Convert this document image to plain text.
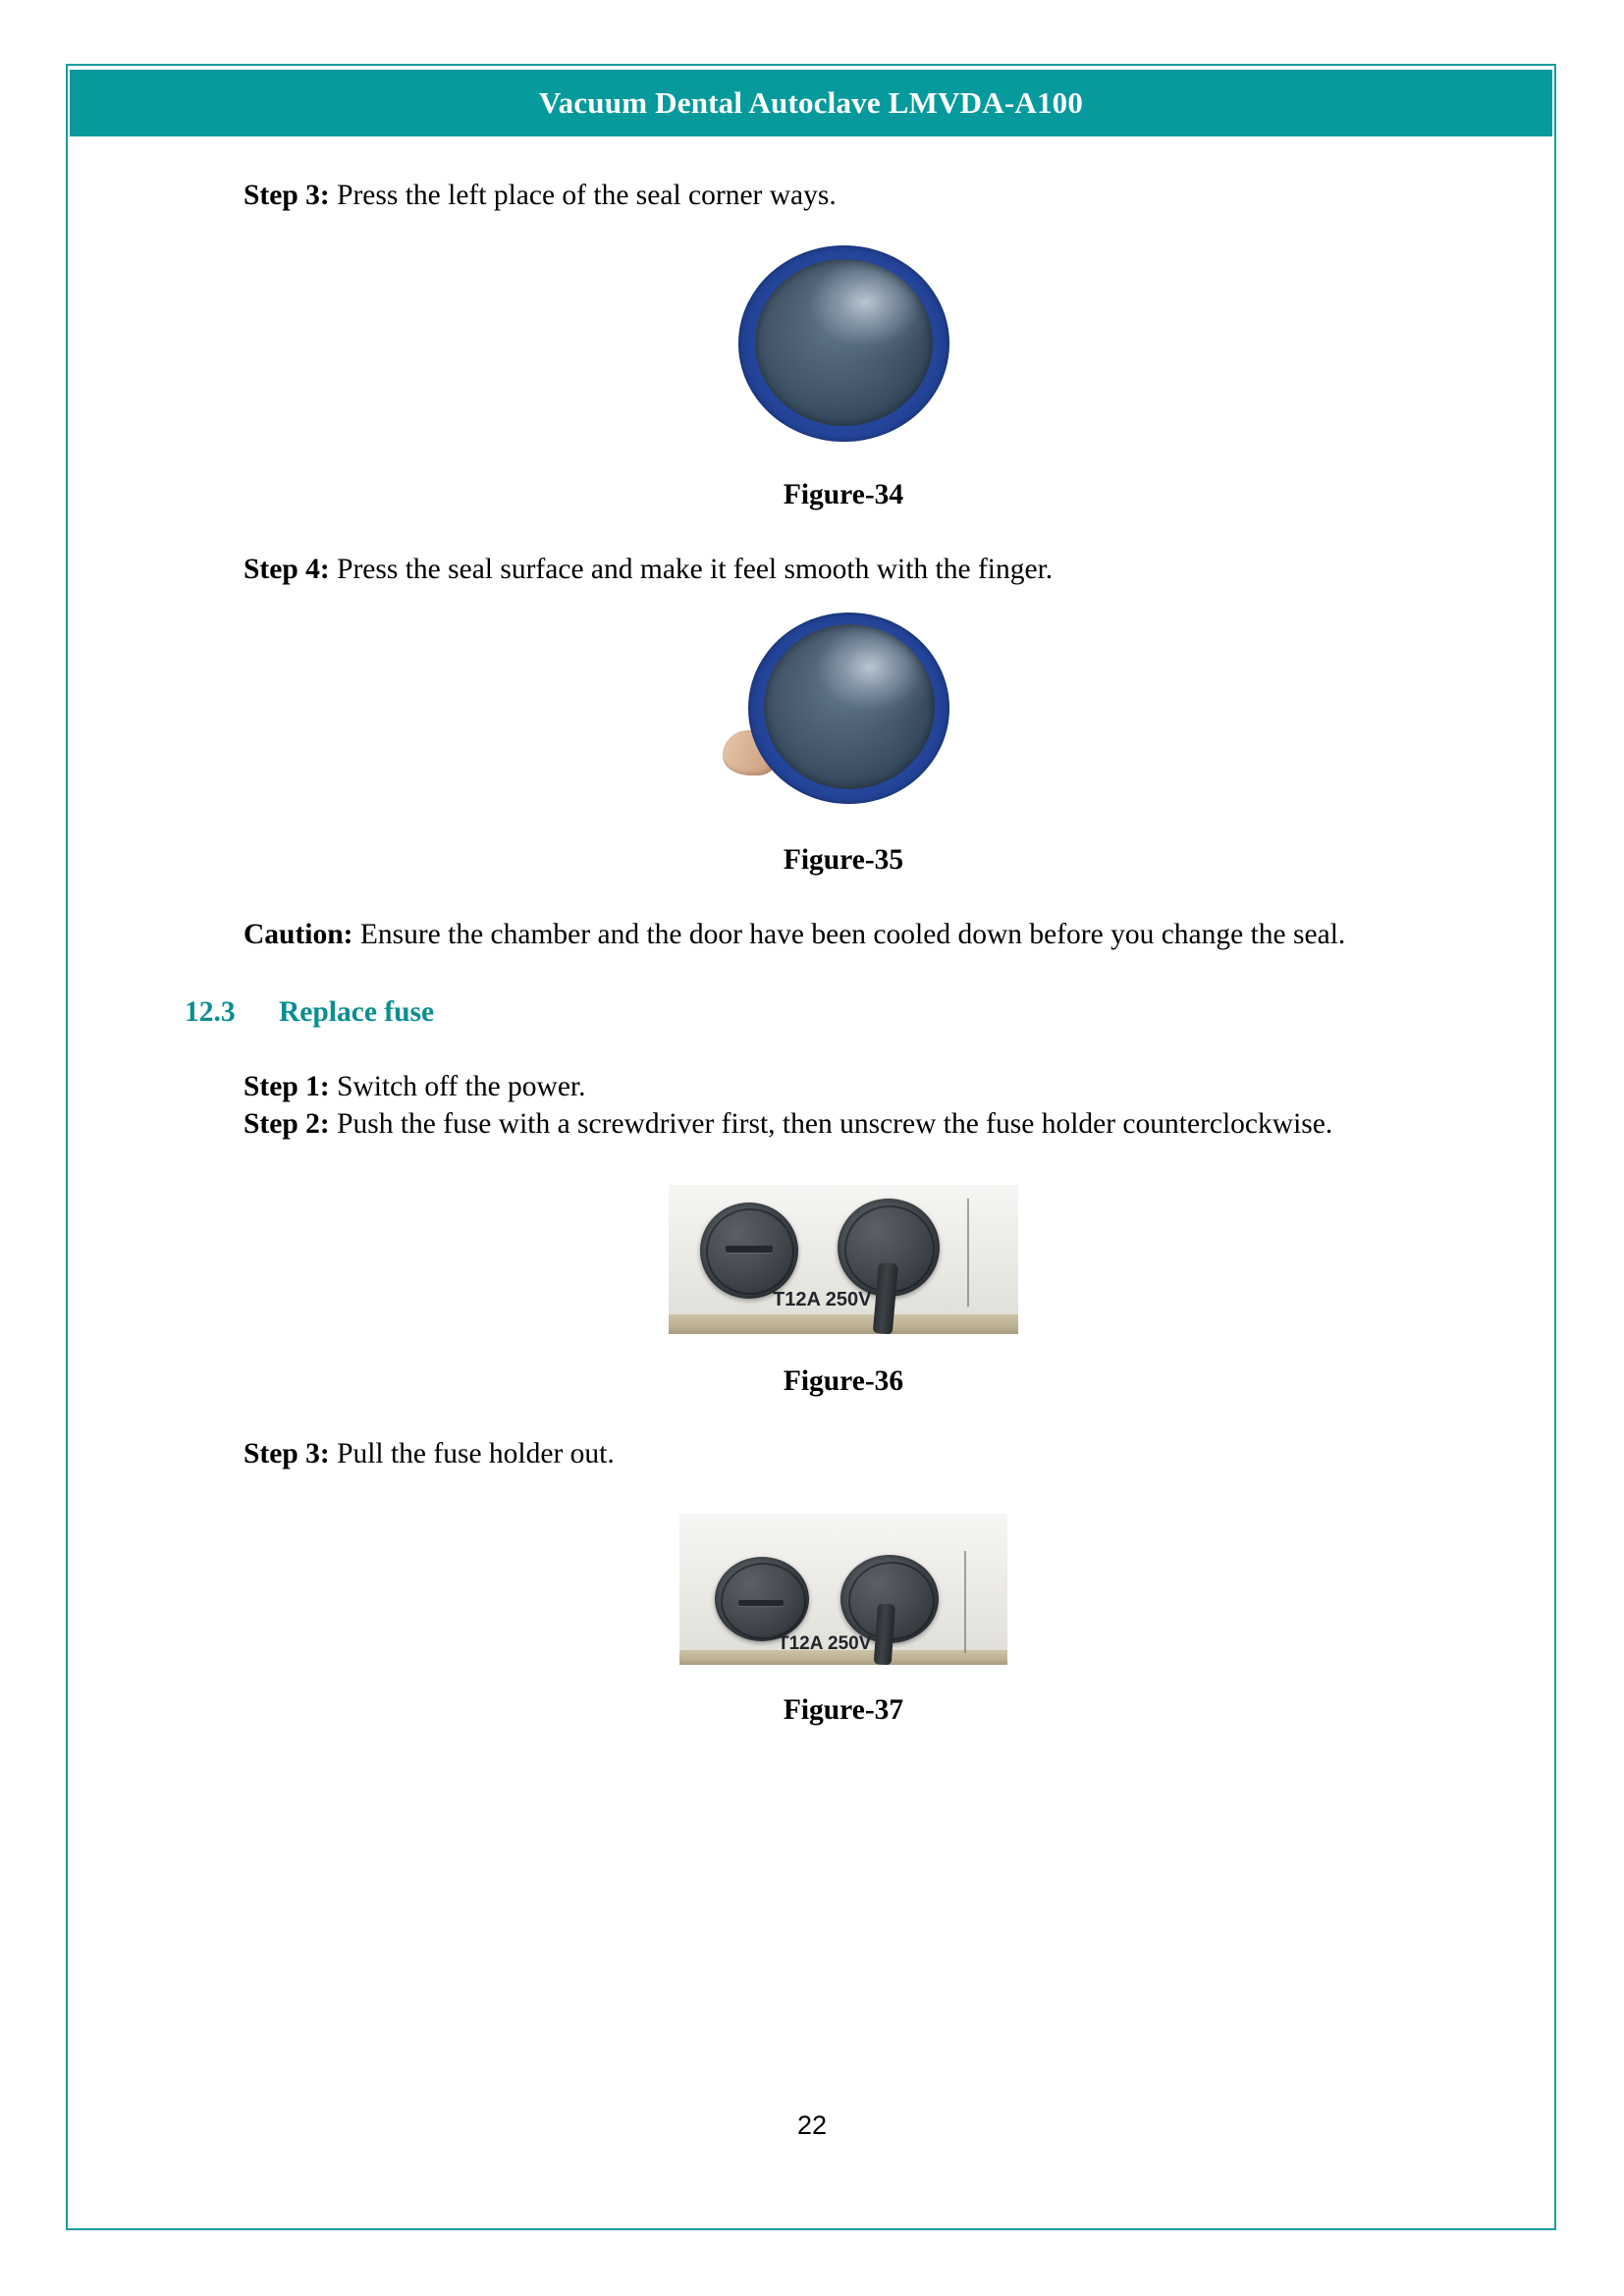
Vacuum Dental Autoclave LMVDA-A100

Step 3: Press the left place of the seal corner ways.

Figure-34

Step 4: Press the seal surface and make it feel smooth with the finger.

Figure-35

Caution: Ensure the chamber and the door have been cooled down before you change the seal.

12.3	Replace fuse

Step 1: Switch off the power.

Step 2: Push the fuse with a screwdriver first, then unscrew the fuse holder counterclockwise.

T12A 250V
Figure-36

Step 3: Pull the fuse holder out.

T12A 250V
Figure-37
22
